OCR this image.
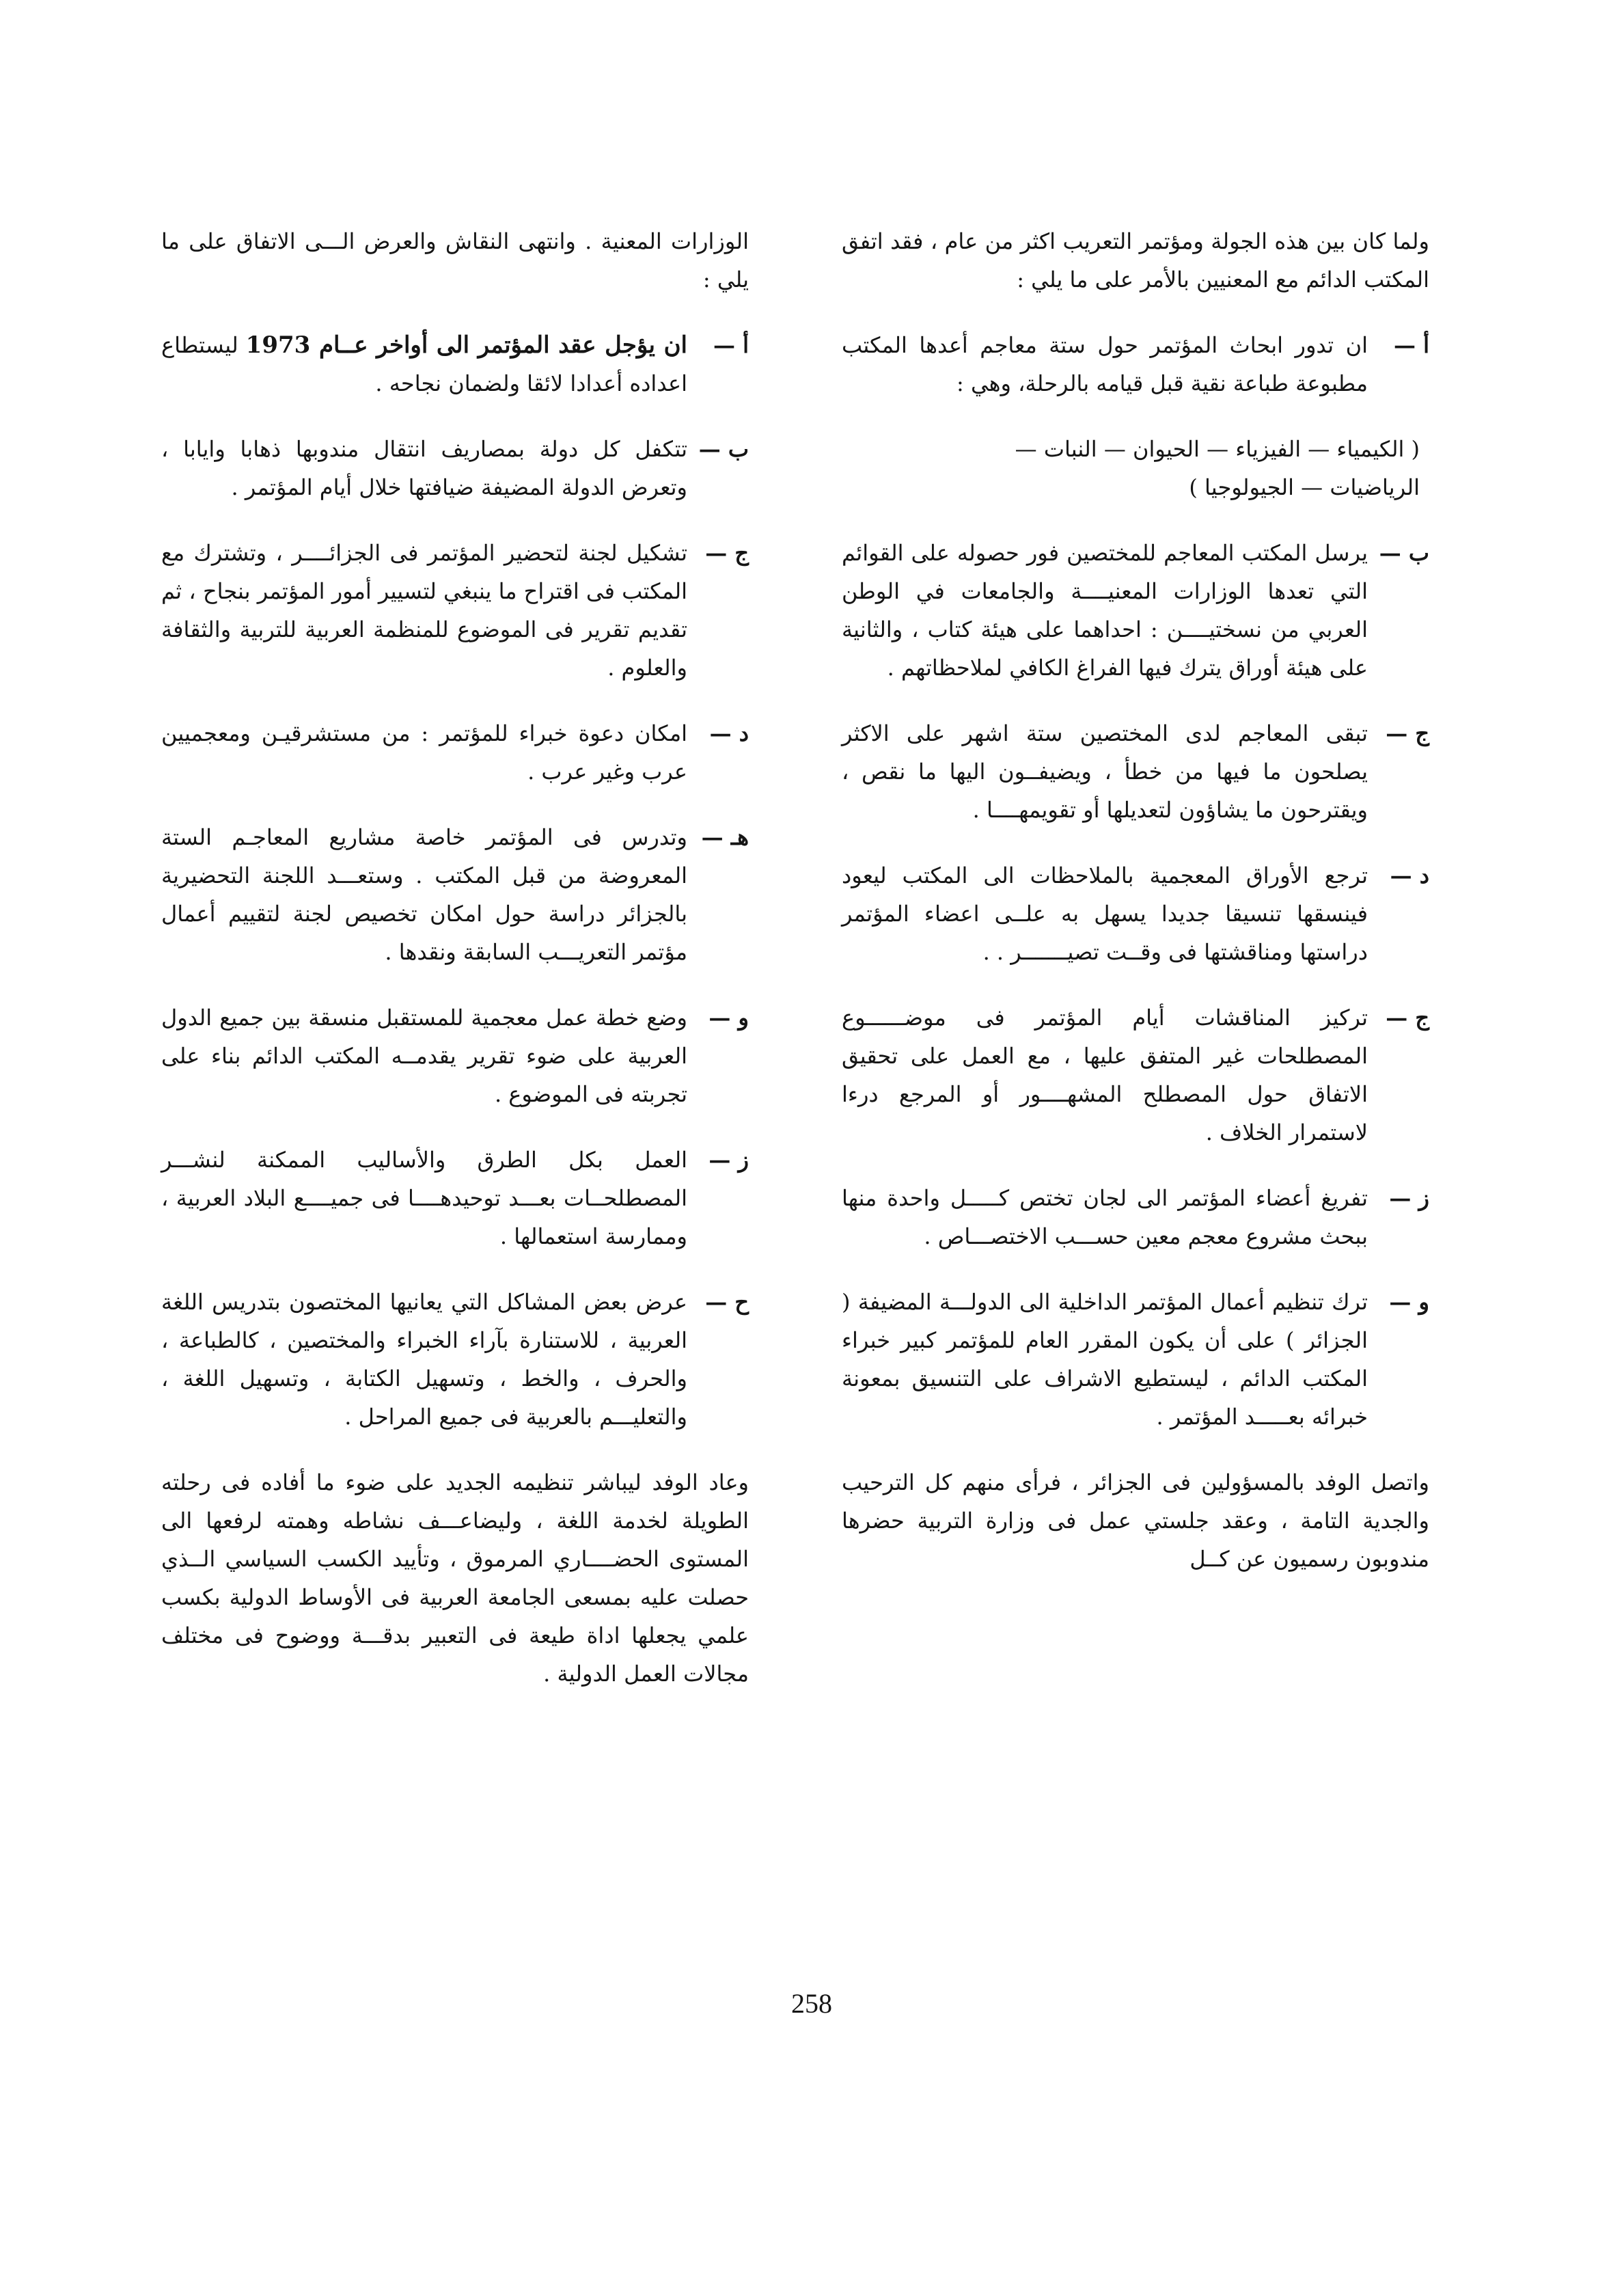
ولما كان بين هذه الجولة ومؤتمر التعريب اكثر من عام ، فقد اتفق المكتب الدائم مع المعنيين بالأمر على ما يلي :

أ —
ان تدور ابحاث المؤتمر حول ستة معاجم أعدها المكتب مطبوعة طباعة نقية قبل قيامه بالرحلة، وهي :
( الكيمياء — الفيزياء — الحيوان — النبات —
الرياضيات — الجيولوجيا )
ب —
يرسل المكتب المعاجم للمختصين فور حصوله على القوائم التي تعدها الوزارات المعنيــــة والجامعات في الوطن العربي من نسختيــــن : احداهما على هيئة كتاب ، والثانية على هيئة أوراق يترك فيها الفراغ الكافي لملاحظاتهم .
ج —
تبقى المعاجم لدى المختصين ستة اشهر على الاكثر يصلحون ما فيها من خطأ ، ويضيفــون اليها ما نقص ، ويقترحون ما يشاؤون لتعديلها أو تقويمهــــا .
د —
ترجع الأوراق المعجمية بالملاحظات الى المكتب ليعود فينسقها تنسيقا جديدا يسهل به علــى اعضاء المؤتمر دراستها ومناقشتها فى وقــت تصيـــــــر . .
ج —
تركيز المناقشات أيام المؤتمر فى موضــــــوع المصطلحات غير المتفق عليها ، مع العمل على تحقيق الاتفاق حول المصطلح المشهــــور أو المرجع درءا لاستمرار الخلاف .
ز —
تفريغ أعضاء المؤتمر الى لجان تختص كـــــل واحدة منها ببحث مشروع معجم معين حســـب الاختصـــاص .
و —
ترك تنظيم أعمال المؤتمر الداخلية الى الدولـــة المضيفة ( الجزائر ) على أن يكون المقرر العام للمؤتمر كبير خبراء المكتب الدائم ، ليستطيع الاشراف على التنسيق بمعونة خبرائه بعـــــد المؤتمر .

واتصل الوفد بالمسؤولين فى الجزائر ، فرأى منهم كل الترحيب والجدية التامة ، وعقد جلستي عمل فى وزارة التربية حضرها مندوبون رسميون عن كــل

الوزارات المعنية . وانتهى النقاش والعرض الـــى الاتفاق على ما يلي :

أ —
ان يؤجل عقد المؤتمر الى أواخر عــام 1973 ليستطاع اعداده أعدادا لائقا ولضمان نجاحه .
ب —
تتكفل كل دولة بمصاريف انتقال مندوبها ذهابا وايابا ، وتعرض الدولة المضيفة ضيافتها خلال أيام المؤتمر .
ج —
تشكيل لجنة لتحضير المؤتمر فى الجزائــــر ، وتشترك مع المكتب فى اقتراح ما ينبغي لتسيير أمور المؤتمر بنجاح ، ثم تقديم تقرير فى الموضوع للمنظمة العربية للتربية والثقافة والعلوم .
د —
امكان دعوة خبراء للمؤتمر : من مستشرقيـن ومعجميين عرب وغير عرب .
هـ —
وتدرس فى المؤتمر خاصة مشاريع المعاجـم الستة المعروضة من قبل المكتب . وستعـــد اللجنة التحضيرية بالجزائر دراسة حول امكان تخصيص لجنة لتقييم أعمال مؤتمر التعريـــب السابقة ونقدها .
و —
وضع خطة عمل معجمية للمستقبل منسقة بين جميع الدول العربية على ضوء تقرير يقدمــه المكتب الدائم بناء على تجربته فى الموضوع .
ز —
العمل بكل الطرق والأساليب الممكنة لنشـــر المصطلحــات بعـــد توحيدهــــا فى جميــــع البلاد العربية ، وممارسة استعمالها .
ح —
عرض بعض المشاكل التي يعانيها المختصون بتدريس اللغة العربية ، للاستنارة بآراء الخبراء والمختصين ، كالطباعة ، والحرف ، والخط ، وتسهيل الكتابة ، وتسهيل اللغة ، والتعليـــم بالعربية فى جميع المراحل .

وعاد الوفد ليباشر تنظيمه الجديد على ضوء ما أفاده فى رحلته الطويلة لخدمة اللغة ، وليضاعـــف نشاطه وهمته لرفعها الى المستوى الحضــــاري المرموق ، وتأييد الكسب السياسي الــذي حصلت عليه بمسعى الجامعة العربية فى الأوساط الدولية بكسب علمي يجعلها اداة طيعة فى التعبير بدقـــة ووضوح فى مختلف مجالات العمل الدولية .

258
